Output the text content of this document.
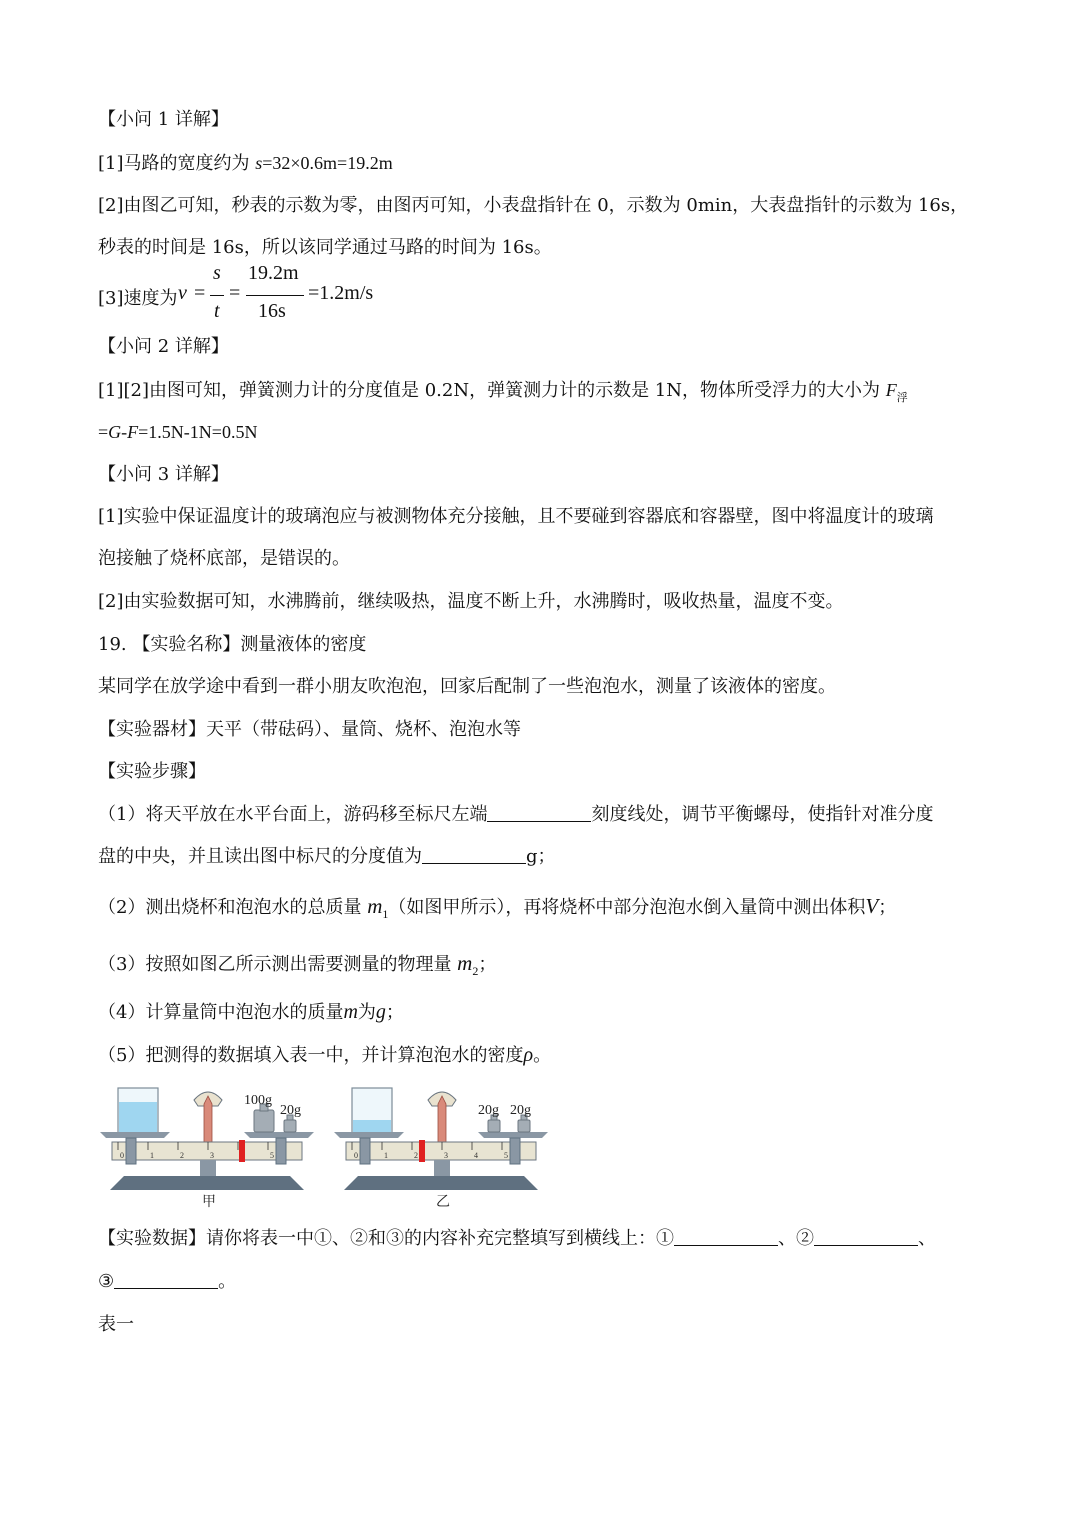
【小问 1 详解】
[1]马路的宽度约为 s=32×0.6m=19.2m
[2]由图乙可知，秒表的示数为零，由图丙可知，小表盘指针在 0，示数为 0min，大表盘指针的示数为 16s，
秒表的时间是 16s，所以该同学通过马路的时间为 16s。
[3]速度为 v =
s
t
=
19.2m
16s
=1.2m/s
【小问 2 详解】
[1][2]由图可知，弹簧测力计的分度值是 0.2N，弹簧测力计的示数是 1N，物体所受浮力的大小为 $F_浮$
=G-F=1.5N-1N=0.5N
【小问 3 详解】
[1]实验中保证温度计的玻璃泡应与被测物体充分接触，且不要碰到容器底和容器壁，图中将温度计的玻璃
泡接触了烧杯底部，是错误的。
[2]由实验数据可知，水沸腾前，继续吸热，温度不断上升，水沸腾时，吸收热量，温度不变。
19. 【实验名称】测量液体的密度
某同学在放学途中看到一群小朋友吹泡泡，回家后配制了一些泡泡水，测量了该液体的密度。
【实验器材】天平（带砝码）、量筒、烧杯、泡泡水等
【实验步骤】
（1）将天平放在水平台面上，游码移至标尺左端	刻度线处，调节平衡螺母，使指针对准分度
盘的中央，并且读出图中标尺的分度值为	g；
（2）测出烧杯和泡泡水的总质量 $m_1$（如图甲所示），再将烧杯中部分泡泡水倒入量筒中测出体积V；
（3）按照如图乙所示测出需要测量的物理量 $m_2$；
（4）计算量筒中泡泡水的质量m为g；
（5）把测得的数据填入表一中，并计算泡泡水的密度ρ。
100g
20g
0	1	2	3	5
甲
20g 20g
0	1	2	3	4	5
乙
【实验数据】请你将表一中①、②和③的内容补充完整填写到横线上：①	、②	、
③	。
表一
